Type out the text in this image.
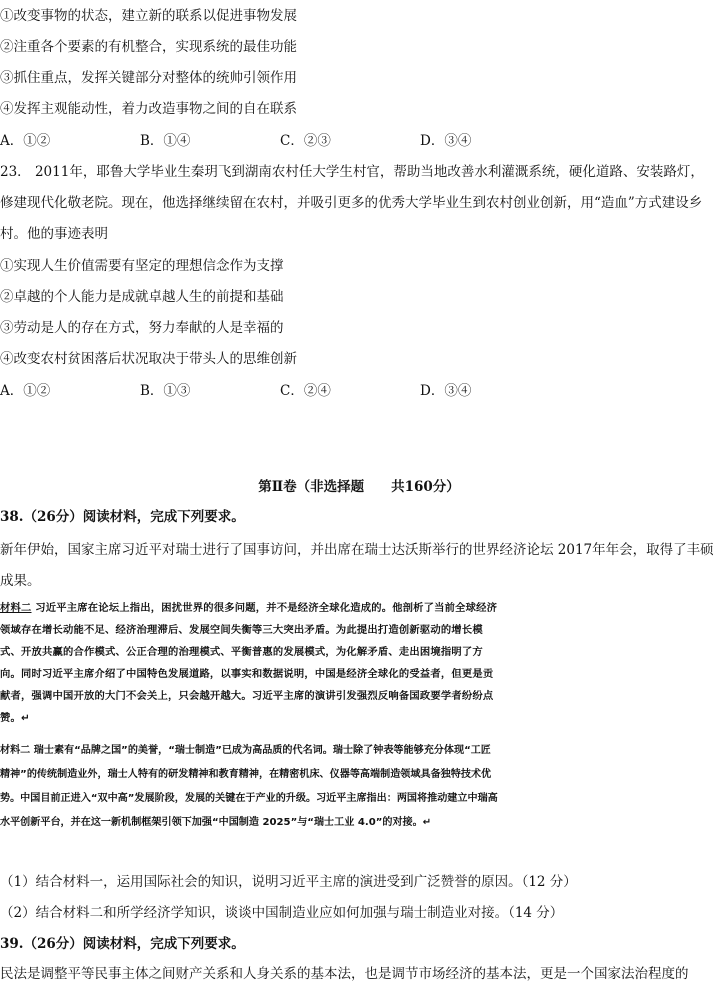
①改变事物的状态，建立新的联系以促进事物发展
②注重各个要素的有机整合，实现系统的最佳功能
③抓住重点，发挥关键部分对整体的统帅引领作用
④发挥主观能动性，着力改造事物之间的自在联系
A．①②	B．①④	C．②③	D．③④
23． 2011年，耶鲁大学毕业生秦玥飞到湖南农村任大学生村官，帮助当地改善水利灌溉系统，硬化道路、安装路灯，修建现代化敬老院。现在，他选择继续留在农村，并吸引更多的优秀大学毕业生到农村创业创新，用“造血”方式建设乡村。他的事迹表明
①实现人生价值需要有坚定的理想信念作为支撑
②卓越的个人能力是成就卓越人生的前提和基础
③劳动是人的存在方式，努力奉献的人是幸福的
④改变农村贫困落后状况取决于带头人的思维创新
A．①②	B．①③	C．②④	D．③④
第Ⅱ卷（非选择题　　共160分）
38.（26分）阅读材料，完成下列要求。
新年伊始，国家主席习近平对瑞士进行了国事访问，并出席在瑞士达沃斯举行的世界经济论坛 2017年年会，取得了丰硕成果。
材料二 习近平主席在论坛上指出，困扰世界的很多问题，并不是经济全球化造成的。他剖析了当前全球经济领域存在增长动能不足、经济治理滞后、发展空间失衡等三大突出矛盾。为此提出打造创新驱动的增长模式、开放共赢的合作模式、公正合理的治理模式、平衡普惠的发展模式，为化解矛盾、走出困境指明了方向。同时习近平主席介绍了中国特色发展道路，以事实和数据说明，中国是经济全球化的受益者，但更是贡献者，强调中国开放的大门不会关上，只会越开越大。习近平主席的演讲引发强烈反响备国政要学者纷纷点赞。↵
材料二 瑞士素有“品牌之国”的美誉，“瑞士制造”已成为高品质的代名词。瑞士除了钟表等能够充分体现“工匠精神”的传统制造业外，瑞士人特有的研发精神和教育精神，在精密机床、仪器等高端制造领域具备独特技术优势。中国目前正进入“双中高”发展阶段，发展的关键在于产业的升级。习近平主席指出：两国将推动建立中瑞高水平创新平台，并在这一新机制框架引领下加强“中国制造 2025”与“瑞士工业 4.0”的对接。↵
（1）结合材料一，运用国际社会的知识，说明习近平主席的演进受到广泛赞誉的原因。（12 分）
（2）结合材料二和所学经济学知识，谈谈中国制造业应如何加强与瑞士制造业对接。（14 分）
39.（26分）阅读材料，完成下列要求。
民法是调整平等民事主体之间财产关系和人身关系的基本法，也是调节市场经济的基本法，更是一个国家法治程度的
